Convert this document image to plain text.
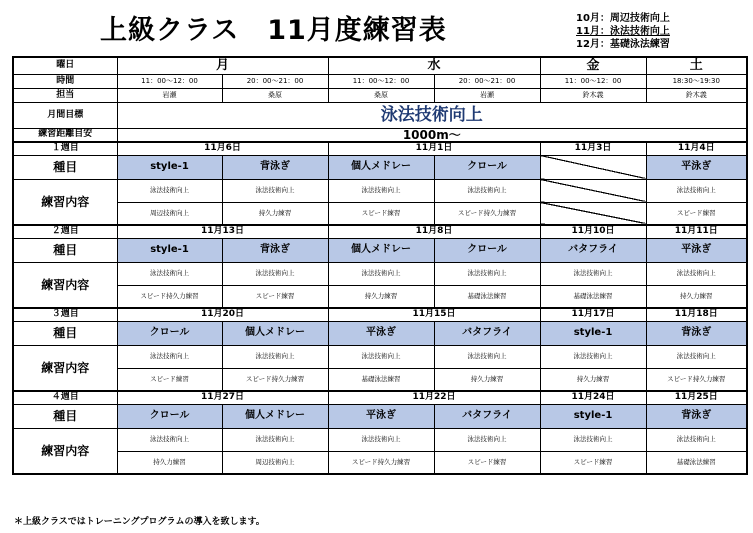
上級クラス　11月度練習表	10月：周辺技術向上
11月：泳法技術向上
12月：基礎泳法練習
曜日	月		水		金	土
時間	11：00〜12：00	20：00〜21：00	11：00〜12：00	20：00〜21：00	11：00〜12：00	18:30〜19:30
担当	岩瀬	桑原	桑原	岩瀬	鈴木義	鈴木義
月間目標	泳法技術向上					
練習距離目安	1000m〜					
１週目	11月6日		11月1日		11月3日	11月4日
種目	style-1	背泳ぎ	個人メドレー	クロール		平泳ぎ
練習内容	泳法技術向上	泳法技術向上	泳法技術向上	泳法技術向上		泳法技術向上
	周辺技術向上	持久力練習	スピード練習	スピード持久力練習		スピード練習
２週目	11月13日		11月8日		11月10日	11月11日
種目	style-1	背泳ぎ	個人メドレー	クロール	バタフライ	平泳ぎ
練習内容	泳法技術向上	泳法技術向上	泳法技術向上	泳法技術向上	泳法技術向上	泳法技術向上
	スピード持久力練習	スピード練習	持久力練習	基礎泳法練習	基礎泳法練習	持久力練習
３週目	11月20日		11月15日		11月17日	11月18日
種目	クロール	個人メドレー	平泳ぎ	バタフライ	style-1	背泳ぎ
練習内容	泳法技術向上	泳法技術向上	泳法技術向上	泳法技術向上	泳法技術向上	泳法技術向上
	スピード練習	スピード持久力練習	基礎泳法練習	持久力練習	持久力練習	スピード持久力練習
４週目	11月27日		11月22日		11月24日	11月25日
種目	クロール	個人メドレー	平泳ぎ	バタフライ	style-1	背泳ぎ
練習内容	泳法技術向上	泳法技術向上	泳法技術向上	泳法技術向上	泳法技術向上	泳法技術向上
	持久力練習	周辺技術向上	スピード持久力練習	スピード練習	スピード練習	基礎泳法練習
＊上級クラスではトレーニングプログラムの導入を致します。
